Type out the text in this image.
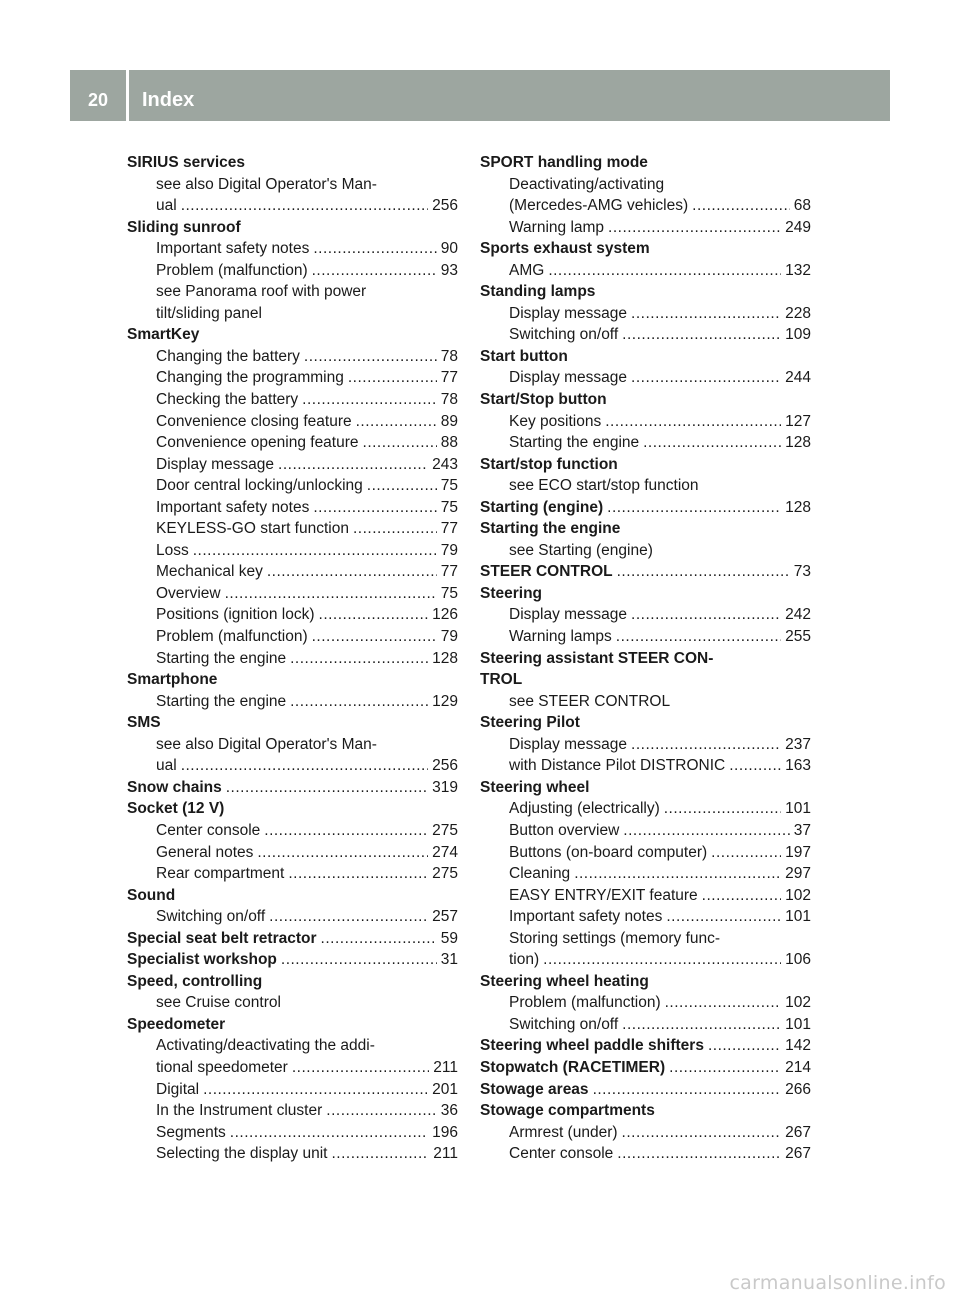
20	Index
SIRIUS services
see also Digital Operator's Man-
ual .....	256
Sliding sunroof
Important safety notes .....	90
Problem (malfunction) .....	93
see Panorama roof with power
tilt/sliding panel
SmartKey
Changing the battery .....	78
Changing the programming .....	77
Checking the battery .....	78
Convenience closing feature .....	89
Convenience opening feature .....	88
Display message .....	243
Door central locking/unlocking .....	75
Important safety notes .....	75
KEYLESS-GO start function .....	77
Loss .....	79
Mechanical key .....	77
Overview .....	75
Positions (ignition lock) .....	126
Problem (malfunction) .....	79
Starting the engine .....	128
Smartphone
Starting the engine .....	129
SMS
see also Digital Operator's Man-
ual .....	256
Snow chains .....	319
Socket (12 V)
Center console .....	275
General notes .....	274
Rear compartment .....	275
Sound
Switching on/off .....	257
Special seat belt retractor .....	59
Specialist workshop .....	31
Speed, controlling
see Cruise control
Speedometer
Activating/deactivating the addi-
tional speedometer .....	211
Digital .....	201
In the Instrument cluster .....	36
Segments .....	196
Selecting the display unit .....	211
SPORT handling mode
Deactivating/activating
(Mercedes-AMG vehicles) .....	68
Warning lamp .....	249
Sports exhaust system
AMG .....	132
Standing lamps
Display message .....	228
Switching on/off .....	109
Start button
Display message .....	244
Start/Stop button
Key positions .....	127
Starting the engine .....	128
Start/stop function
see ECO start/stop function
Starting (engine) .....	128
Starting the engine
see Starting (engine)
STEER CONTROL .....	73
Steering
Display message .....	242
Warning lamps .....	255
Steering assistant STEER CON-
TROL
see STEER CONTROL
Steering Pilot
Display message .....	237
with Distance Pilot DISTRONIC .....	163
Steering wheel
Adjusting (electrically) .....	101
Button overview .....	37
Buttons (on-board computer) .....	197
Cleaning .....	297
EASY ENTRY/EXIT feature .....	102
Important safety notes .....	101
Storing settings (memory func-
tion) .....	106
Steering wheel heating
Problem (malfunction) .....	102
Switching on/off .....	101
Steering wheel paddle shifters .....	142
Stopwatch (RACETIMER) .....	214
Stowage areas .....	266
Stowage compartments
Armrest (under) .....	267
Center console .....	267
carmanualsonline.info
